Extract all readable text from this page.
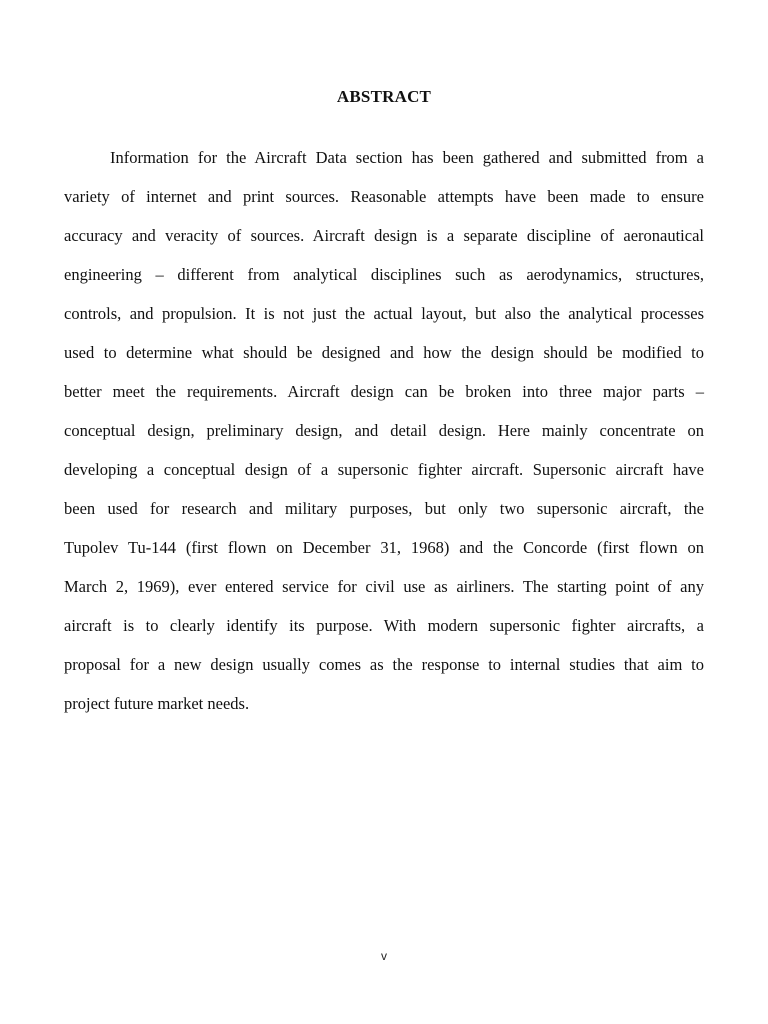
ABSTRACT
Information for the Aircraft Data section has been gathered and submitted from a
variety of internet and print sources. Reasonable attempts have been made to ensure
accuracy and veracity of sources. Aircraft design is a separate discipline of aeronautical
engineering – different from analytical disciplines such as aerodynamics, structures,
controls, and propulsion. It is not just the actual layout, but also the analytical processes
used to determine what should be designed and how the design should be modified to
better meet the requirements. Aircraft design can be broken into three major parts –
conceptual design, preliminary design, and detail design. Here mainly concentrate on
developing a conceptual design of a supersonic fighter aircraft. Supersonic aircraft have
been used for research and military purposes, but only two supersonic aircraft, the
Tupolev Tu-144 (first flown on December 31, 1968) and the Concorde (first flown on
March 2, 1969), ever entered service for civil use as airliners. The starting point of any
aircraft is to clearly identify its purpose. With modern supersonic fighter aircrafts, a
proposal for a new design usually comes as the response to internal studies that aim to
project future market needs.
v
